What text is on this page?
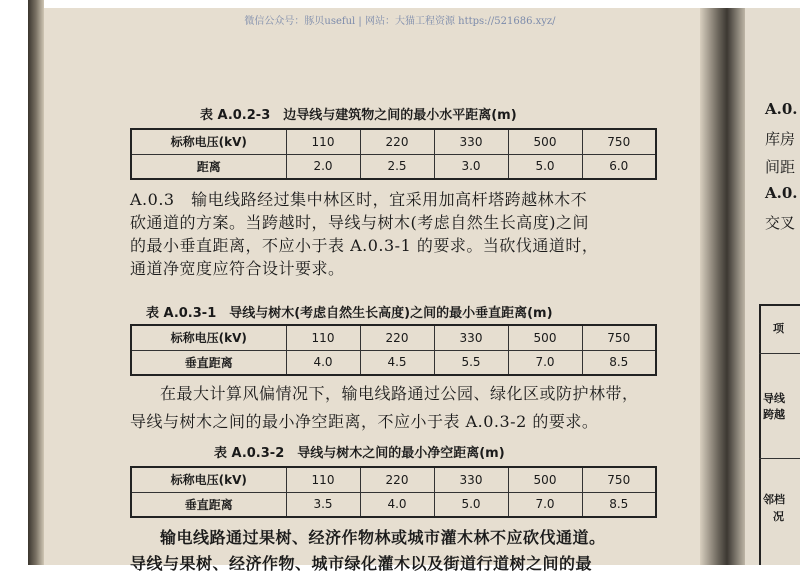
A.0.
库房
间距
A.0.
交叉
项
导线
跨越
邻档
况
微信公众号：豚贝useful | 网站：大猫工程资源 https://521686.xyz/
表 A.0.2-3　边导线与建筑物之间的最小水平距离(m)
标称电压(kV)	110	220	330	500	750
距离	2.0	2.5	3.0	5.0	6.0
A.0.3　输电线路经过集中林区时，宜采用加高杆塔跨越林木不
砍通道的方案。当跨越时，导线与树木(考虑自然生长高度)之间
的最小垂直距离，不应小于表 A.0.3-1 的要求。当砍伐通道时，
通道净宽度应符合设计要求。
表 A.0.3-1　导线与树木(考虑自然生长高度)之间的最小垂直距离(m)
标称电压(kV)	110	220	330	500	750
垂直距离	4.0	4.5	5.5	7.0	8.5
在最大计算风偏情况下，输电线路通过公园、绿化区或防护林带，
导线与树木之间的最小净空距离，不应小于表 A.0.3-2 的要求。
表 A.0.3-2　导线与树木之间的最小净空距离(m)
标称电压(kV)	110	220	330	500	750
垂直距离	3.5	4.0	5.0	7.0	8.5
输电线路通过果树、经济作物林或城市灌木林不应砍伐通道。
导线与果树、经济作物、城市绿化灌木以及街道行道树之间的最
